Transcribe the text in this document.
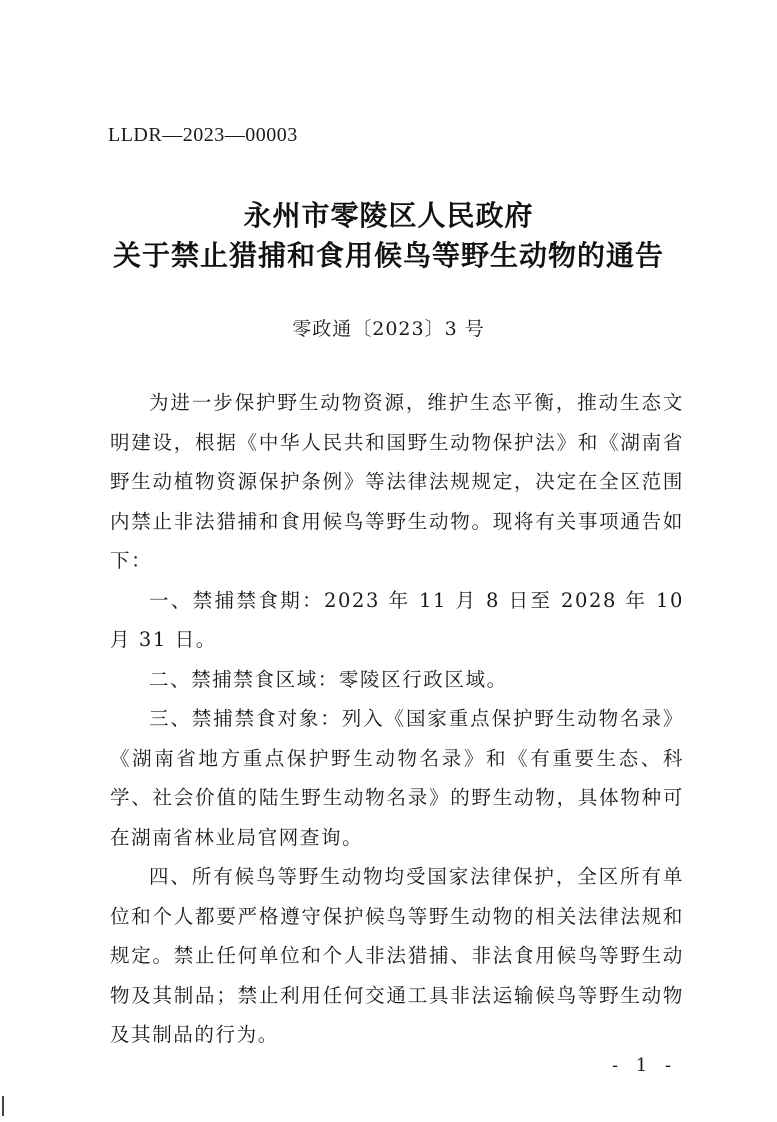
LLDR—2023—00003
永州市零陵区人民政府
关于禁止猎捕和食用候鸟等野生动物的通告
零政通〔2023〕3 号

为进一步保护野生动物资源，维护生态平衡，推动生态文明建设，根据《中华人民共和国野生动物保护法》和《湖南省野生动植物资源保护条例》等法律法规规定，决定在全区范围内禁止非法猎捕和食用候鸟等野生动物。现将有关事项通告如下：

一、禁捕禁食期：2023 年 11 月 8 日至 2028 年 10 月 31 日。

二、禁捕禁食区域：零陵区行政区域。

三、禁捕禁食对象：列入《国家重点保护野生动物名录》《湖南省地方重点保护野生动物名录》和《有重要生态、科学、社会价值的陆生野生动物名录》的野生动物，具体物种可在湖南省林业局官网查询。

四、所有候鸟等野生动物均受国家法律保护，全区所有单位和个人都要严格遵守保护候鸟等野生动物的相关法律法规和规定。禁止任何单位和个人非法猎捕、非法食用候鸟等野生动物及其制品；禁止利用任何交通工具非法运输候鸟等野生动物及其制品的行为。

- 1 -
